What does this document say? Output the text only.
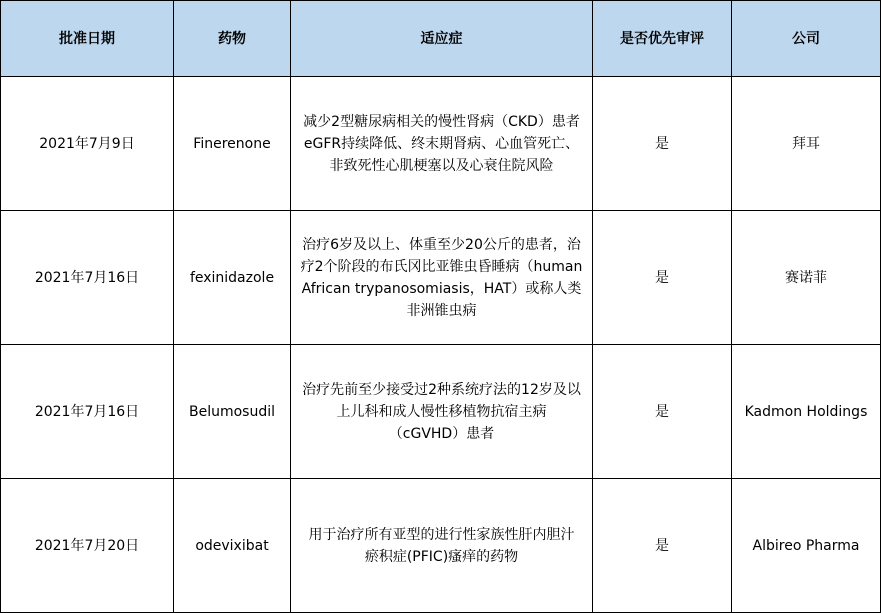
批准日期	药物	适应症	是否优先审评	公司
2021年7月9日	Finerenone	减少2型糖尿病相关的慢性肾病（CKD）患者
eGFR持续降低、终末期肾病、心血管死亡、
非致死性心肌梗塞以及心衰住院风险	是	拜耳
2021年7月16日	fexinidazole	治疗6岁及以上、体重至少20公斤的患者，治
疗2个阶段的布氏冈比亚锥虫昏睡病（human
African trypanosomiasis，HAT）或称人类
非洲锥虫病	是	赛诺菲
2021年7月16日	Belumosudil	治疗先前至少接受过2种系统疗法的12岁及以
上儿科和成人慢性移植物抗宿主病
（cGVHD）患者	是	Kadmon Holdings
2021年7月20日	odevixibat	用于治疗所有亚型的进行性家族性肝内胆汁
瘀积症(PFIC)瘙痒的药物	是	Albireo Pharma
